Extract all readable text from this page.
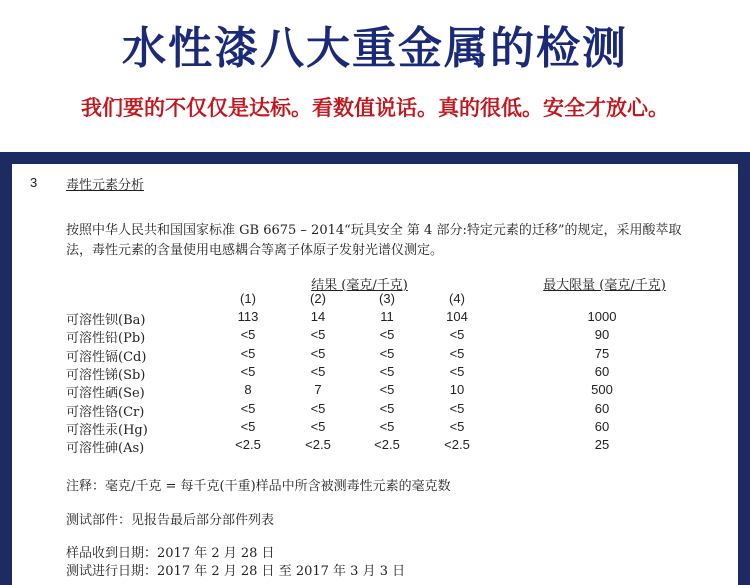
水性漆八大重金属的检测
我们要的不仅仅是达标。看数值说话。真的很低。安全才放心。
3 毒性元素分析
按照中华人民共和国国家标准 GB 6675 – 2014“玩具安全 第 4 部分:特定元素的迁移”的规定，采用酸萃取
法，毒性元素的含量使用电感耦合等离子体原子发射光谱仪测定。
结果 (毫克/千克)	最大限量 (毫克/千克)
(1)	(2)	(3)	(4)
可溶性钡(Ba)	113	14	11	104	1000
可溶性铅(Pb)	<5	<5	<5	<5	90
可溶性镉(Cd)	<5	<5	<5	<5	75
可溶性锑(Sb)	<5	<5	<5	<5	60
可溶性硒(Se)	8	7	<5	10	500
可溶性铬(Cr)	<5	<5	<5	<5	60
可溶性汞(Hg)	<5	<5	<5	<5	60
可溶性砷(As)	<2.5	<2.5	<2.5	<2.5	25
注释：毫克/千克 = 每千克(干重)样品中所含被测毒性元素的毫克数
测试部件：见报告最后部分部件列表
样品收到日期：2017 年 2 月 28 日
测试进行日期：2017 年 2 月 28 日 至 2017 年 3 月 3 日
